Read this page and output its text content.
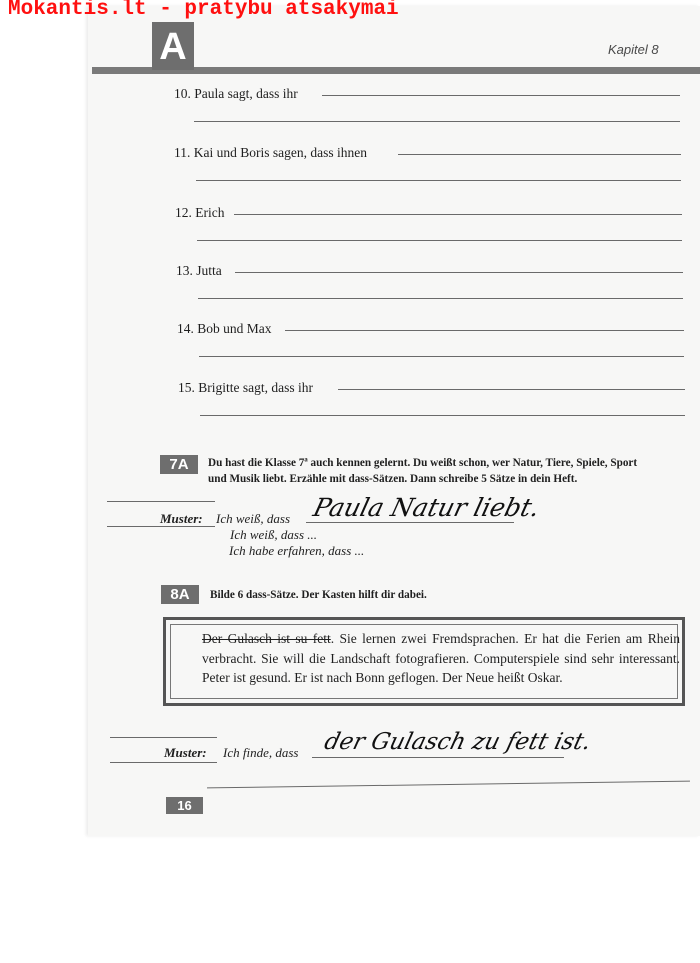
Mokantis.lt - pratybu atsakymai
A	Kapitel 8
10. Paula sagt, dass ihr
11. Kai und Boris sagen, dass ihnen
12. Erich
13. Jutta
14. Bob und Max
15. Brigitte sagt, dass ihr
7A	Du hast die Klasse 7ª auch kennen gelernt. Du weißt schon, wer Natur, Tiere, Spiele, Sport
und Musik liebt. Erzähle mit dass-Sätzen. Dann schreibe 5 Sätze in dein Heft.
Muster: Ich weiß, dass Paula Natur liebt.
Ich weiß, dass ...
Ich habe erfahren, dass ...
8A	Bilde 6 dass-Sätze. Der Kasten hilft dir dabei.
Der Gulasch ist su fett. Sie lernen zwei Fremdsprachen. Er hat die Ferien am Rhein verbracht. Sie will die Landschaft fotografieren. Computerspiele sind sehr interessant. Peter ist gesund. Er ist nach Bonn geflogen. Der Neue heißt Oskar.
Muster: Ich finde, dass der Gulasch zu fett ist.
16
